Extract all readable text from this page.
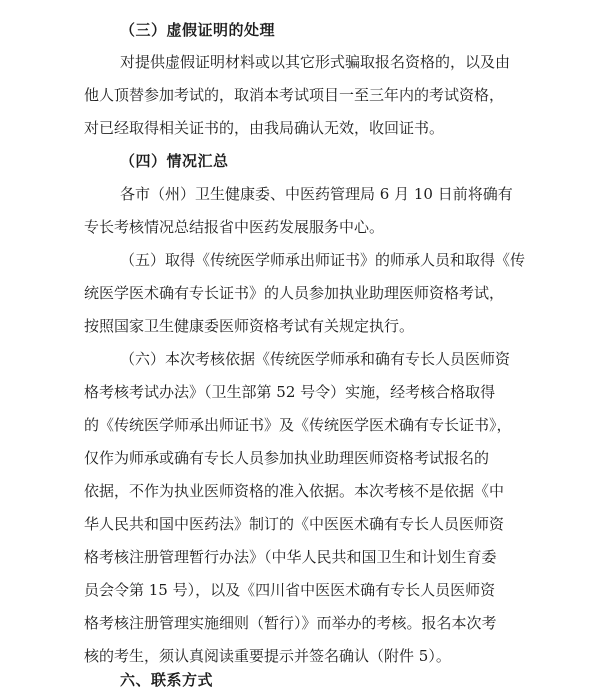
（三）虚假证明的处理
对提供虚假证明材料或以其它形式骗取报名资格的，以及由
他人顶替参加考试的，取消本考试项目一至三年内的考试资格，
对已经取得相关证书的，由我局确认无效，收回证书。
（四）情况汇总
各市（州）卫生健康委、中医药管理局 6 月 10 日前将确有
专长考核情况总结报省中医药发展服务中心。
（五）取得《传统医学师承出师证书》的师承人员和取得《传
统医学医术确有专长证书》的人员参加执业助理医师资格考试，
按照国家卫生健康委医师资格考试有关规定执行。
（六）本次考核依据《传统医学师承和确有专长人员医师资
格考核考试办法》（卫生部第 52 号令）实施，经考核合格取得
的《传统医学师承出师证书》及《传统医学医术确有专长证书》，
仅作为师承或确有专长人员参加执业助理医师资格考试报名的
依据，不作为执业医师资格的准入依据。本次考核不是依据《中
华人民共和国中医药法》制订的《中医医术确有专长人员医师资
格考核注册管理暂行办法》（中华人民共和国卫生和计划生育委
员会令第 15 号），以及《四川省中医医术确有专长人员医师资
格考核注册管理实施细则（暂行）》而举办的考核。报名本次考
核的考生，须认真阅读重要提示并签名确认（附件 5）。
六、联系方式
